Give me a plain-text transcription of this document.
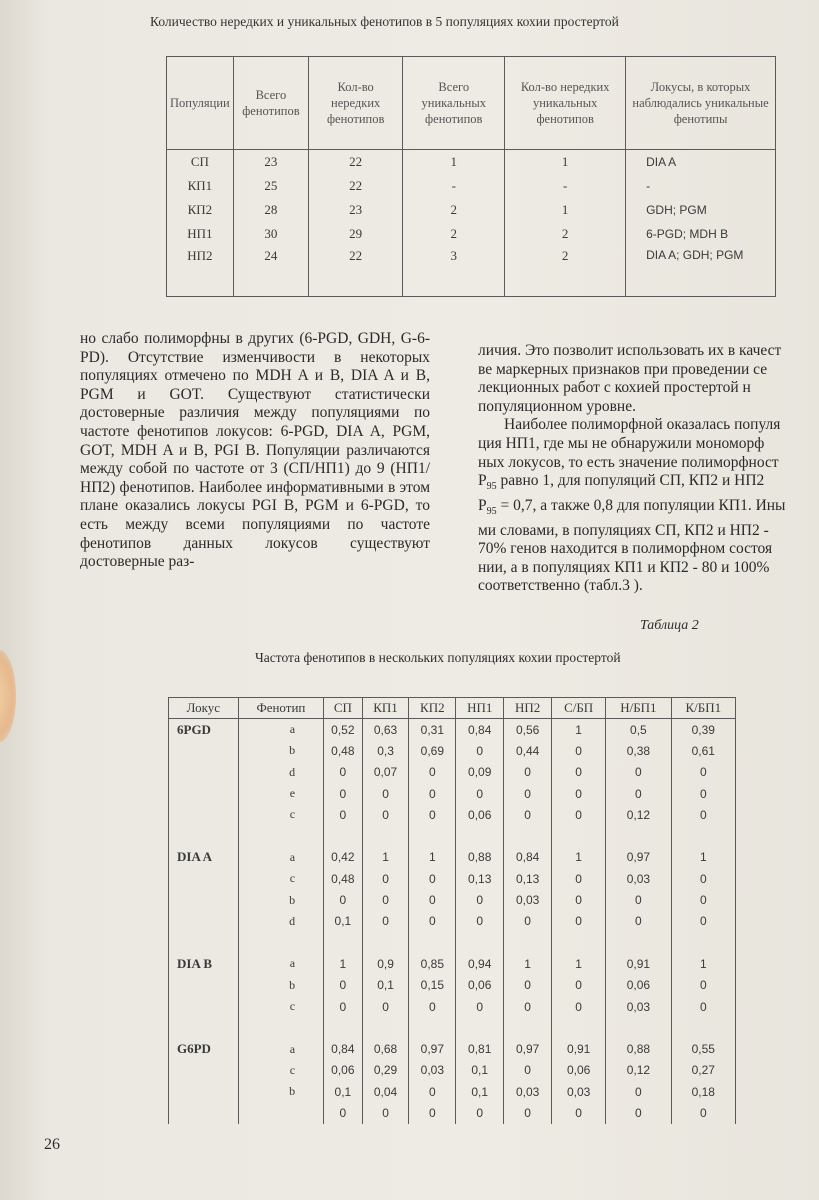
Количество нередких и уникальных фенотипов в 5 популяциях кохии простертой
Популяции	Всего фенотипов	Кол-во нередких фенотипов	Всего уникальных фенотипов	Кол-во нередких уникальных фенотипов	Локусы, в которых наблюдались уникальные фенотипы
СП	23	22	1	1	DIA A
КП1	25	22	-	-	-
КП2	28	23	2	1	GDH; PGM
НП1	30	29	2	2	6-PGD; MDH B
НП2	24	22	3	2	DIA A; GDH; PGM

но слабо полиморфны в других (6-PGD, GDH, G-6-PD). Отсутствие изменчивости в некоторых популяциях отмечено по MDH A и B, DIA A и B, PGM и GOT. Существуют статистически достоверные различия между популяциями по частоте фенотипов локусов: 6-PGD, DIA A, PGM, GOT, MDH A и B, PGI B. Популяции различаются между собой по частоте от 3 (СП/НП1) до 9 (НП1/НП2) фенотипов. Наиболее информативными в этом плане оказались локусы PGI B, PGM и 6-PGD, то есть между всеми популяциями по частоте фенотипов данных локусов существуют достоверные раз-

личия. Это позволит использовать их в качест

ве маркерных признаков при проведении се

лекционных работ с кохией простертой н

популяционном уровне.

Наиболее полиморфной оказалась популя

ция НП1, где мы не обнаружили мономорф

ных локусов, то есть значение полиморфност

$P_{95}$ равно 1, для популяций СП, КП2 и НП2

$P_{95} = 0,7$, а также 0,8 для популяции КП1. Ины

ми словами, в популяциях СП, КП2 и НП2 -

70% генов находится в полиморфном состоя

нии, а в популяциях КП1 и КП2 - 80 и 100%

соответственно (табл.3 ).

Таблица 2
Частота фенотипов в нескольких популяциях кохии простертой
Локус	Фенотип	СП	КП1	КП2	НП1	НП2	С/БП	Н/БП1	К/БП1
6PGD	a	0,52	0,63	0,31	0,84	0,56	1	0,5	0,39
	b	0,48	0,3	0,69	0	0,44	0	0,38	0,61
	d	0	0,07	0	0,09	0	0	0	0
	e	0	0	0	0	0	0	0	0
	c	0	0	0	0,06	0	0	0,12	0

DIA A	a	0,42	1	1	0,88	0,84	1	0,97	1
	c	0,48	0	0	0,13	0,13	0	0,03	0
	b	0	0	0	0	0,03	0	0	0
	d	0,1	0	0	0	0	0	0	0

DIA B	a	1	0,9	0,85	0,94	1	1	0,91	1
	b	0	0,1	0,15	0,06	0	0	0,06	0
	c	0	0	0	0	0	0	0,03	0

G6PD	a	0,84	0,68	0,97	0,81	0,97	0,91	0,88	0,55
	c	0,06	0,29	0,03	0,1	0	0,06	0,12	0,27
	b	0,1	0,04	0	0,1	0,03	0,03	0	0,18
		0	0	0	0	0	0	0	0
26
